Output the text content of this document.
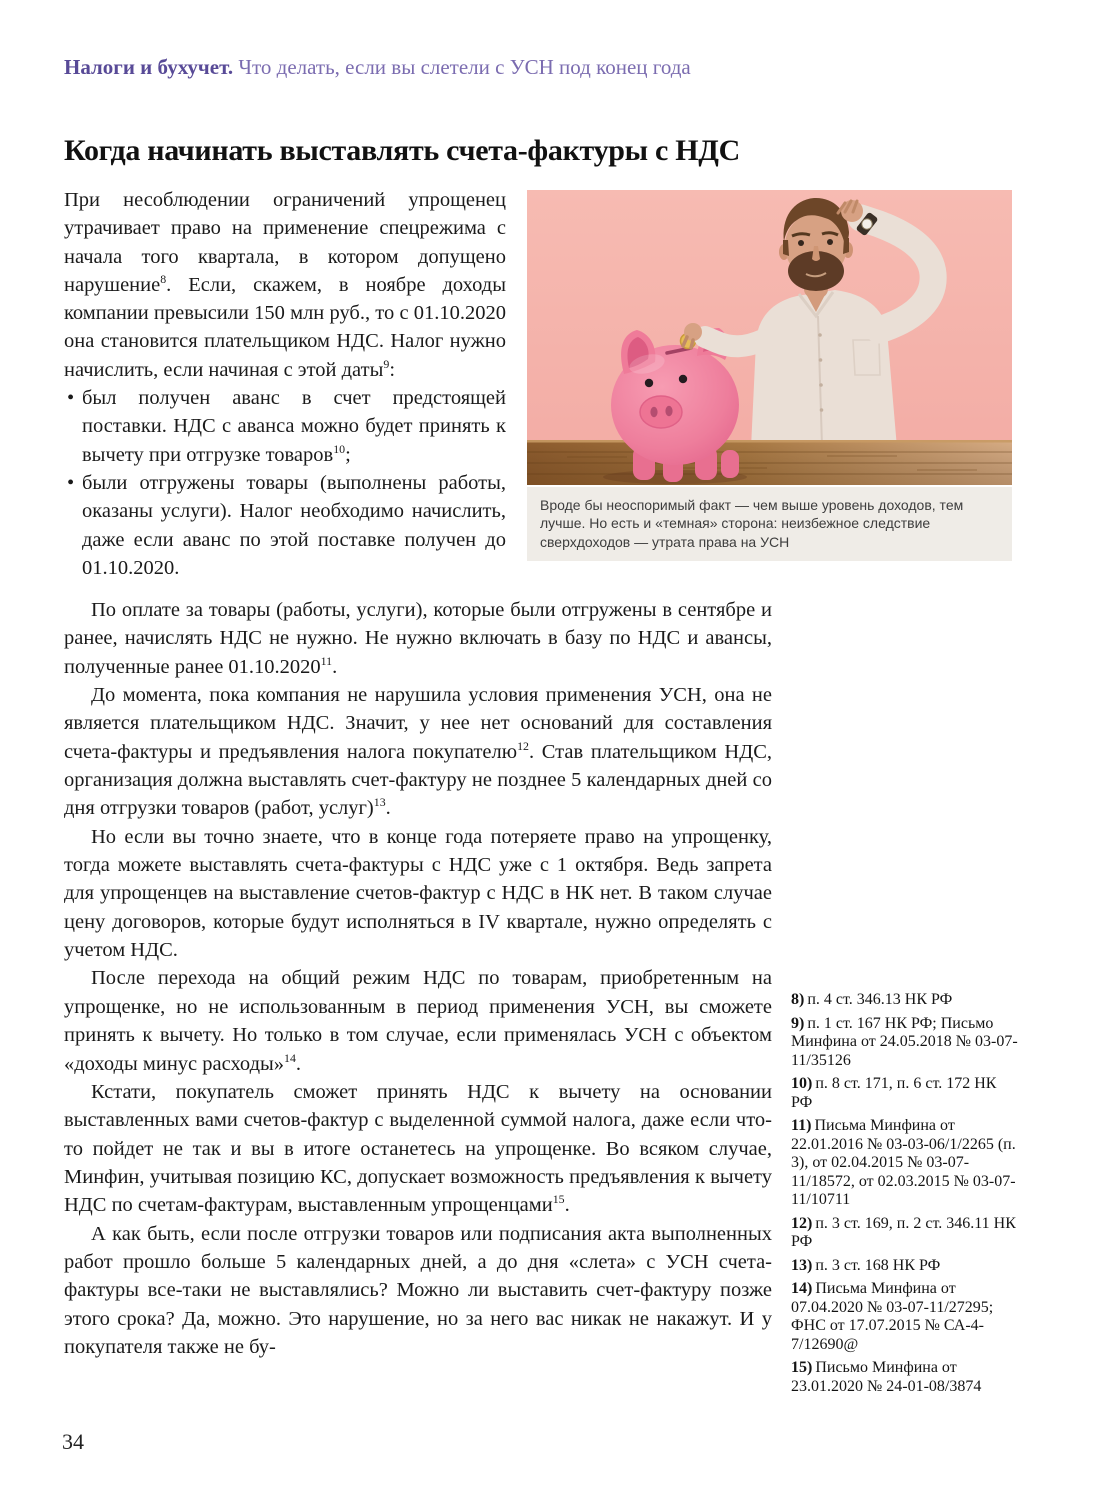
Налоги и бухучет. Что делать, если вы слетели с УСН под конец года
Когда начинать выставлять счета-фактуры с НДС

При несоблюдении ограничений упрощенец утрачивает право на применение спецрежима с начала того квартала, в котором допущено нарушение$^8$. Если, скажем, в ноябре доходы компании превысили 150 млн руб., то с 01.10.2020 она становится плательщиком НДС. Налог нужно начислить, если начиная с этой даты$^9$:

• был получен аванс в счет предстоящей поставки. НДС с аванса можно будет принять к вычету при отгрузке товаров$^{10}$;
• были отгружены товары (выполнены работы, оказаны услуги). Налог необходимо начислить, даже если аванс по этой поставке получен до 01.10.2020.
Вроде бы неоспоримый факт — чем выше уровень доходов, тем лучше. Но есть и «темная» сторона: неизбежное следствие сверхдоходов — утрата права на УСН

По оплате за товары (работы, услуги), которые были отгружены в сентябре и ранее, начислять НДС не нужно. Не нужно включать в базу по НДС и авансы, полученные ранее 01.10.2020$^{11}$.

До момента, пока компания не нарушила условия применения УСН, она не является плательщиком НДС. Значит, у нее нет оснований для составления счета-фактуры и предъявления налога покупателю$^{12}$. Став плательщиком НДС, организация должна выставлять счет-фактуру не позднее 5 календарных дней со дня отгрузки товаров (работ, услуг)$^{13}$.

Но если вы точно знаете, что в конце года потеряете право на упрощенку, тогда можете выставлять счета-фактуры с НДС уже с 1 октября. Ведь запрета для упрощенцев на выставление счетов-фактур с НДС в НК нет. В таком случае цену договоров, которые будут исполняться в IV квартале, нужно определять с учетом НДС.

После перехода на общий режим НДС по товарам, приобретенным на упрощенке, но не использованным в период применения УСН, вы сможете принять к вычету. Но только в том случае, если применялась УСН с объектом «доходы минус расходы»$^{14}$.

Кстати, покупатель сможет принять НДС к вычету на основании выставленных вами счетов-фактур с выделенной суммой налога, даже если что-то пойдет не так и вы в итоге останетесь на упрощенке. Во всяком случае, Минфин, учитывая позицию КС, допускает возможность предъявления к вычету НДС по счетам-фактурам, выставленным упрощенцами$^{15}$.

А как быть, если после отгрузки товаров или подписания акта выполненных работ прошло больше 5 календарных дней, а до дня «слета» с УСН счета-фактуры все-таки не выставлялись? Можно ли выставить счет-фактуру позже этого срока? Да, можно. Это нарушение, но за него вас никак не накажут. И у покупателя также не бу-

8) п. 4 ст. 346.13 НК РФ
9) п. 1 ст. 167 НК РФ; Письмо Минфина от 24.05.2018 № 03-07-11/35126
10) п. 8 ст. 171, п. 6 ст. 172 НК РФ
11) Письма Минфина от 22.01.2016 № 03-03-06/1/2265 (п. 3), от 02.04.2015 № 03-07-11/18572, от 02.03.2015 № 03-07-11/10711
12) п. 3 ст. 169, п. 2 ст. 346.11 НК РФ
13) п. 3 ст. 168 НК РФ
14) Письма Минфина от 07.04.2020 № 03-07-11/27295; ФНС от 17.07.2015 № СА-4-7/12690@
15) Письмо Минфина от 23.01.2020 № 24-01-08/3874
34
